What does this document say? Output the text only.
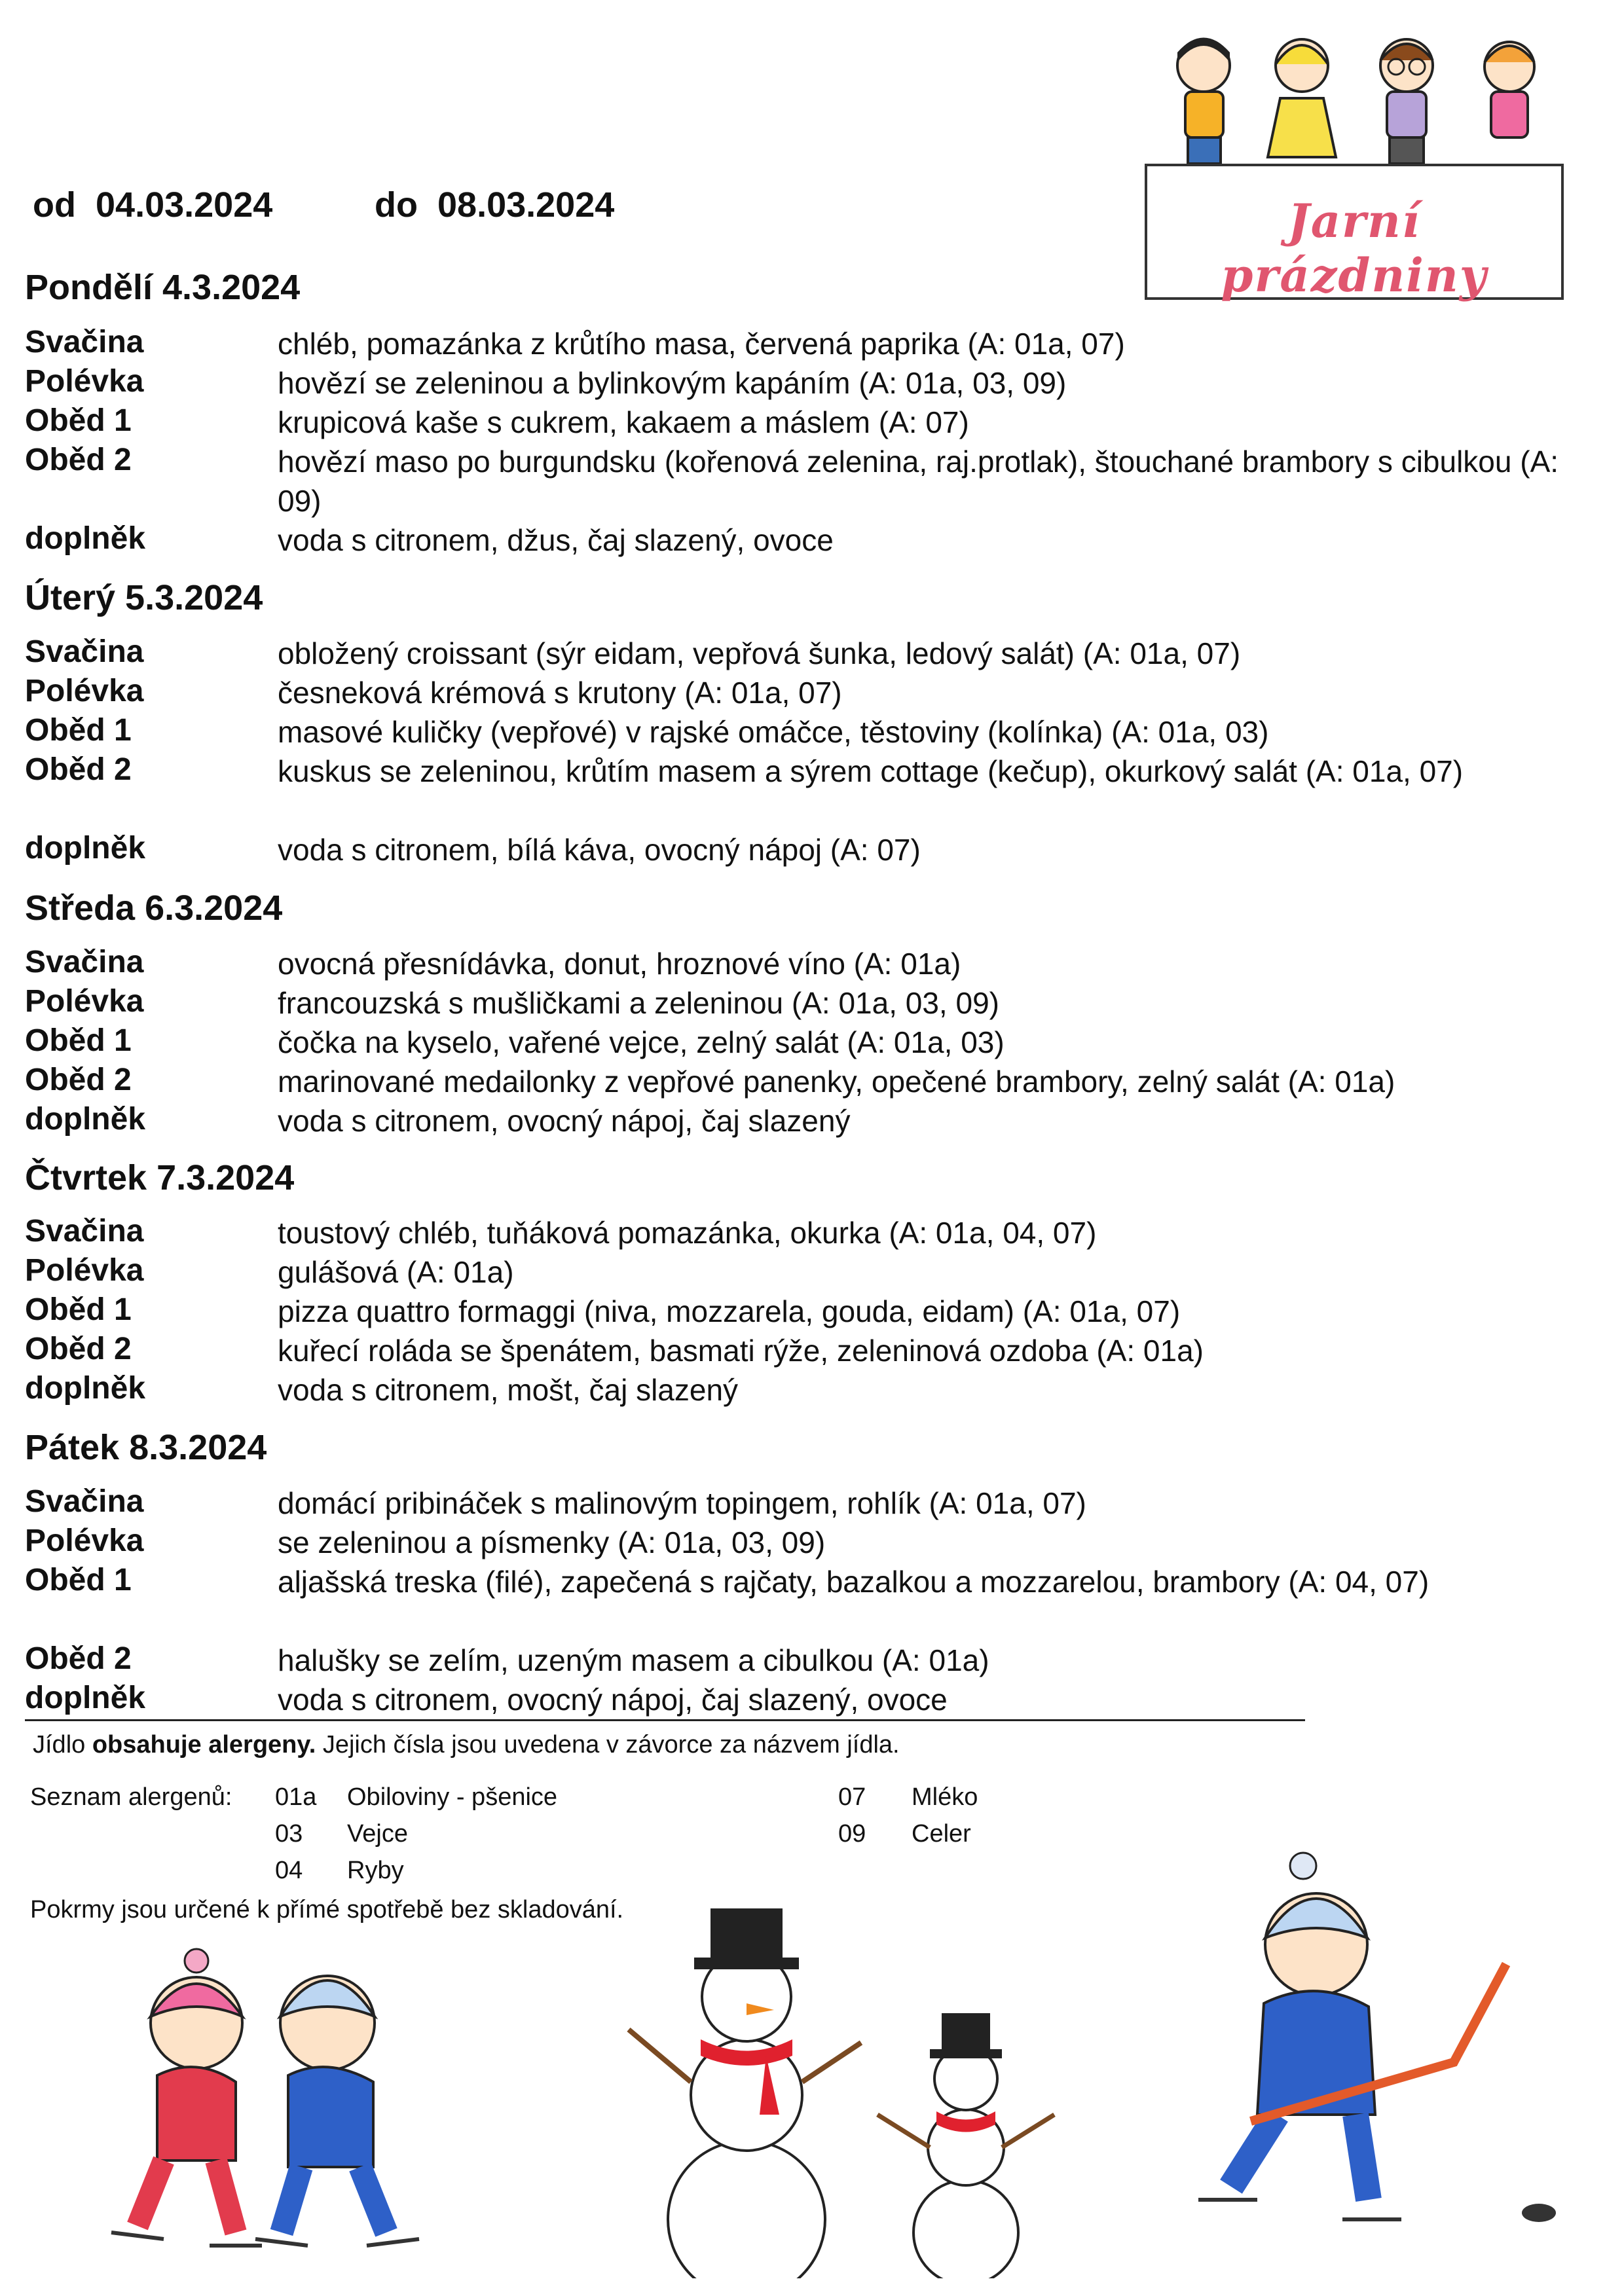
od 04.03.2024	do 08.03.2024	Jarní prázdniny
Pondělí 4.3.2024
Svačina	chléb, pomazánka z krůtího masa, červená paprika (A: 01a, 07)
Polévka	hovězí se zeleninou a bylinkovým kapáním (A: 01a, 03, 09)
Oběd 1	krupicová kaše s cukrem, kakaem a máslem (A: 07)
Oběd 2	hovězí maso po burgundsku (kořenová zelenina, raj.protlak), štouchané brambory s cibulkou (A: 09)
doplněk	voda s citronem, džus, čaj slazený, ovoce
Úterý 5.3.2024
Svačina	obložený croissant (sýr eidam, vepřová šunka, ledový salát) (A: 01a, 07)
Polévka	česneková krémová s krutony (A: 01a, 07)
Oběd 1	masové kuličky (vepřové) v rajské omáčce, těstoviny (kolínka) (A: 01a, 03)
Oběd 2	kuskus se zeleninou, krůtím masem a sýrem cottage (kečup), okurkový salát (A: 01a, 07)
doplněk	voda s citronem, bílá káva, ovocný nápoj (A: 07)
Středa 6.3.2024
Svačina	ovocná přesnídávka, donut, hroznové víno (A: 01a)
Polévka	francouzská s mušličkami a zeleninou (A: 01a, 03, 09)
Oběd 1	čočka na kyselo, vařené vejce, zelný salát (A: 01a, 03)
Oběd 2	marinované medailonky z vepřové panenky, opečené brambory, zelný salát (A: 01a)
doplněk	voda s citronem, ovocný nápoj, čaj slazený
Čtvrtek 7.3.2024
Svačina	toustový chléb, tuňáková pomazánka, okurka (A: 01a, 04, 07)
Polévka	gulášová (A: 01a)
Oběd 1	pizza quattro formaggi (niva, mozzarela, gouda, eidam) (A: 01a, 07)
Oběd 2	kuřecí roláda se špenátem, basmati rýže, zeleninová ozdoba (A: 01a)
doplněk	voda s citronem, mošt, čaj slazený
Pátek 8.3.2024
Svačina	domácí pribináček s malinovým topingem, rohlík (A: 01a, 07)
Polévka	se zeleninou a písmenky (A: 01a, 03, 09)
Oběd 1	aljašská treska (filé), zapečená s rajčaty, bazalkou a mozzarelou, brambory (A: 04, 07)
Oběd 2	halušky se zelím, uzeným masem a cibulkou (A: 01a)
doplněk	voda s citronem, ovocný nápoj, čaj slazený, ovoce
Jídlo obsahuje alergeny. Jejich čísla jsou uvedena v závorce za názvem jídla.
Seznam alergenů: 01a Obiloviny - pšenice
03 Vejce
04 Ryby
07 Mléko
09 Celer
Pokrmy jsou určené k přímé spotřebě bez skladování.
